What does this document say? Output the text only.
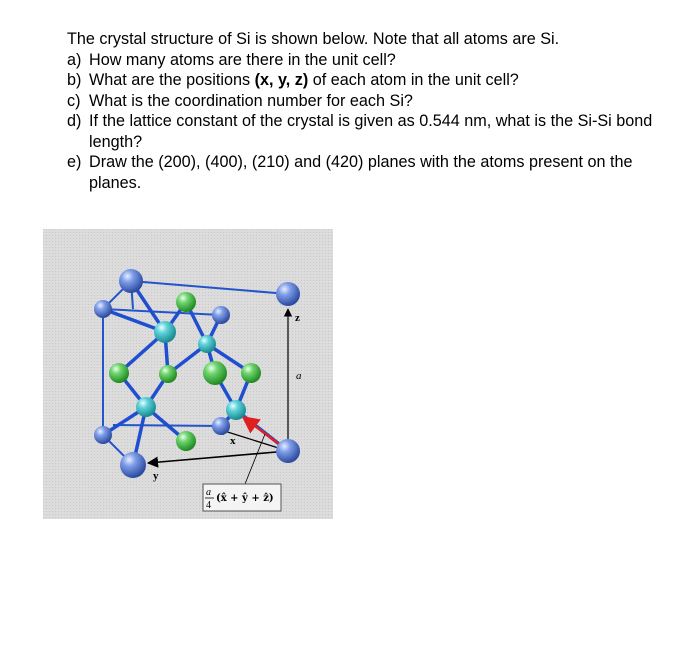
The crystal structure of Si is shown below. Note that all atoms are Si.
a) How many atoms are there in the unit cell?
b) What are the positions (x, y, z) of each atom in the unit cell?
c) What is the coordination number for each Si?
d) If the lattice constant of the crystal is given as 0.544 nm, what is the Si-Si bond length?
e) Draw the (200), (400), (210) and (420) planes with the atoms present on the planes.
z
a
x
y
a
4
(x̂ + ŷ + ẑ)
